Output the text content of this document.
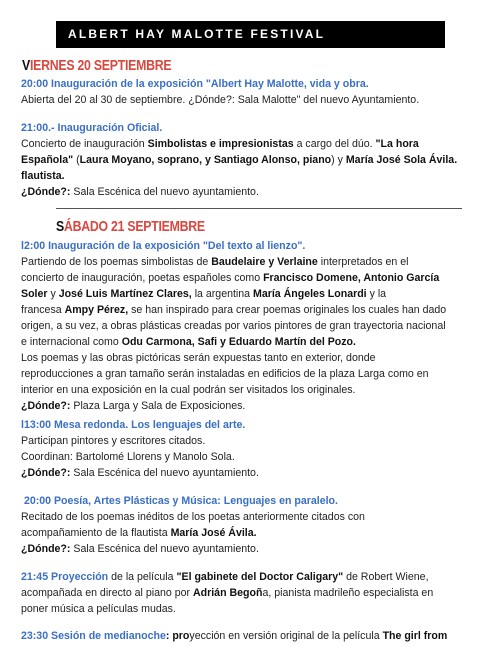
ALBERT HAY MALOTTE FESTIVAL
VIERNES 20 SEPTIEMBRE
20:00 Inauguración de la exposición "Albert Hay Malotte, vida y obra.
Abierta del 20 al 30 de septiembre. ¿Dónde?: Sala Malotte" del nuevo Ayuntamiento.
21:00.- Inauguración Oficial.
Concierto de inauguración Simbolistas e impresionistas a cargo del dúo. "La hora
Española" (Laura Moyano, soprano, y Santiago Alonso, piano) y María José Sola Ávila.
flautista.
¿Dónde?: Sala Escénica del nuevo ayuntamiento.
SÁBADO 21 SEPTIEMBRE
l2:00 Inauguración de la exposición "Del texto al lienzo".
Partiendo de los poemas simbolistas de Baudelaire y Verlaine interpretados en el
concierto de inauguración, poetas españoles como Francisco Domene, Antonio García
Soler y José Luis Martínez Clares, la argentina María Ángeles Lonardi y la
francesa Ampy Pérez, se han inspirado para crear poemas originales los cuales han dado
origen, a su vez, a obras plásticas creadas por varios pintores de gran trayectoria nacional
e internacional como Odu Carmona, Safi y Eduardo Martín del Pozo.
Los poemas y las obras pictóricas serán expuestas tanto en exterior, donde
reproducciones a gran tamaño serán instaladas en edificios de la plaza Larga como en
interior en una exposición en la cual podrán ser visitados los originales.
¿Dónde?: Plaza Larga y Sala de Exposiciones.
l13:00 Mesa redonda. Los lenguajes del arte.
Participan pintores y escritores citados.
Coordinan: Bartolomé Llorens y Manolo Sola.
¿Dónde?: Sala Escénica del nuevo ayuntamiento.
20:00 Poesía, Artes Plásticas y Música: Lenguajes en paralelo.
Recitado de los poemas inéditos de los poetas anteriormente citados con
acompañamiento de la flautista María José Ávila.
¿Dónde?: Sala Escénica del nuevo ayuntamiento.
21:45 Proyección de la película "El gabinete del Doctor Caligary" de Robert Wiene,
acompañada en directo al piano por Adrián Begoña, pianista madrileño especialista en
poner música a películas mudas.
23:30 Sesión de medianoche: proyección en versión original de la película The girl from
